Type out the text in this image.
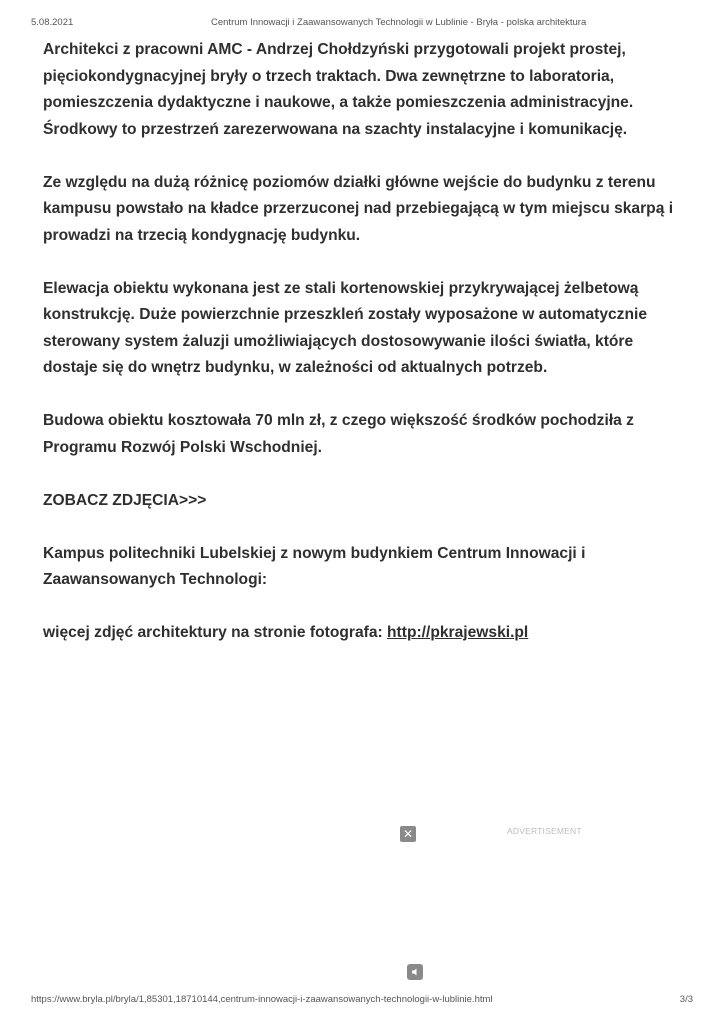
5.08.2021	Centrum Innowacji i Zaawansowanych Technologii w Lublinie - Bryła - polska architektura

Architekci z pracowni AMC - Andrzej Chołdzyński przygotowali projekt prostej, pięciokondygnacyjnej bryły o trzech traktach. Dwa zewnętrzne to laboratoria, pomieszczenia dydaktyczne i naukowe, a także pomieszczenia administracyjne. Środkowy to przestrzeń zarezerwowana na szachty instalacyjne i komunikację.

Ze względu na dużą różnicę poziomów działki główne wejście do budynku z terenu kampusu powstało na kładce przerzuconej nad przebiegającą w tym miejscu skarpą i prowadzi na trzecią kondygnację budynku.

Elewacja obiektu wykonana jest ze stali kortenowskiej przykrywającej żelbetową konstrukcję. Duże powierzchnie przeszkleń zostały wyposażone w automatycznie sterowany system żaluzji umożliwiających dostosowywanie ilości światła, które dostaje się do wnętrz budynku, w zależności od aktualnych potrzeb.

Budowa obiektu kosztowała 70 mln zł, z czego większość środków pochodziła z Programu Rozwój Polski Wschodniej.

ZOBACZ ZDJĘCIA>>>

Kampus politechniki Lubelskiej z nowym budynkiem Centrum Innowacji i Zaawansowanych Technologi:

więcej zdjęć architektury na stronie fotografa: http://pkrajewski.pl

✕	ADVERTISEMENT
https://www.bryla.pl/bryla/1,85301,18710144,centrum-innowacji-i-zaawansowanych-technologii-w-lublinie.html	3/3
